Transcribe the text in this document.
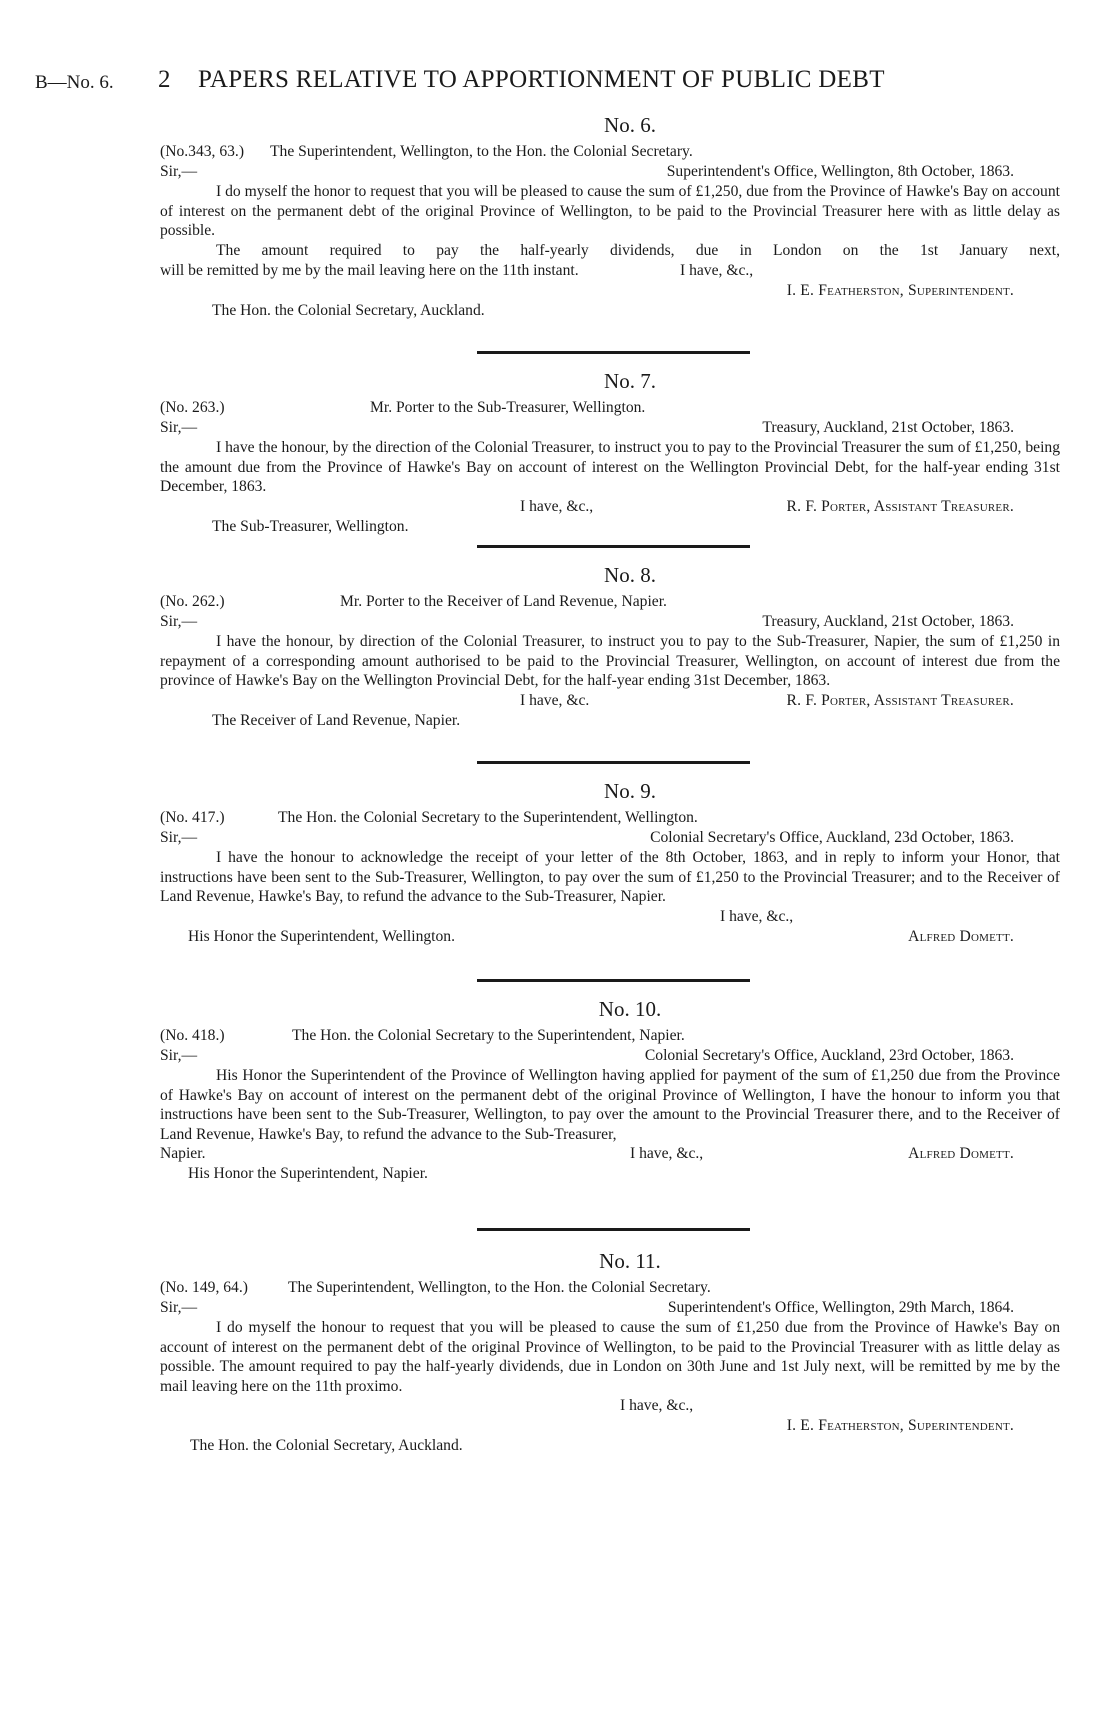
B—No. 6. 2 PAPERS RELATIVE TO APPORTIONMENT OF PUBLIC DEBT
No. 6.
(No.343, 63.) The Superintendent, Wellington, to the Hon. the Colonial Secretary.
Sir,—	Superintendent's Office, Wellington, 8th October, 1863.

I do myself the honor to request that you will be pleased to cause the sum of £1,250, due from the Province of Hawke's Bay on account of interest on the permanent debt of the original Province of Wellington, to be paid to the Provincial Treasurer here with as little delay as possible.

The amount required to pay the half-yearly dividends, due in London on the 1st January next,
will be remitted by me by the mail leaving here on the 11th instant.	I have, &c.,
I. E. Featherston, Superintendent.
The Hon. the Colonial Secretary, Auckland.
No. 7.
(No. 263.)	Mr. Porter to the Sub-Treasurer, Wellington.
Sir,—	Treasury, Auckland, 21st October, 1863.

I have the honour, by the direction of the Colonial Treasurer, to instruct you to pay to the Provincial Treasurer the sum of £1,250, being the amount due from the Province of Hawke's Bay on account of interest on the Wellington Provincial Debt, for the half-year ending 31st December, 1863.

I have, &c.,	R. F. Porter, Assistant Treasurer.
The Sub-Treasurer, Wellington.
No. 8.
(No. 262.)	Mr. Porter to the Receiver of Land Revenue, Napier.
Sir,—	Treasury, Auckland, 21st October, 1863.

I have the honour, by direction of the Colonial Treasurer, to instruct you to pay to the Sub-Treasurer, Napier, the sum of £1,250 in repayment of a corresponding amount authorised to be paid to the Provincial Treasurer, Wellington, on account of interest due from the province of Hawke's Bay on the Wellington Provincial Debt, for the half-year ending 31st December, 1863.

I have, &c.	R. F. Porter, Assistant Treasurer.
The Receiver of Land Revenue, Napier.
No. 9.
(No. 417.)	The Hon. the Colonial Secretary to the Superintendent, Wellington.
Sir,—	Colonial Secretary's Office, Auckland, 23d October, 1863.

I have the honour to acknowledge the receipt of your letter of the 8th October, 1863, and in reply to inform your Honor, that instructions have been sent to the Sub-Treasurer, Wellington, to pay over the sum of £1,250 to the Provincial Treasurer; and to the Receiver of Land Revenue, Hawke's Bay, to refund the advance to the Sub-Treasurer, Napier.

I have, &c.,
His Honor the Superintendent, Wellington.	Alfred Domett.
No. 10.
(No. 418.)	The Hon. the Colonial Secretary to the Superintendent, Napier.
Sir,—	Colonial Secretary's Office, Auckland, 23rd October, 1863.

His Honor the Superintendent of the Province of Wellington having applied for payment of the sum of £1,250 due from the Province of Hawke's Bay on account of interest on the permanent debt of the original Province of Wellington, I have the honour to inform you that instructions have been sent to the Sub-Treasurer, Wellington, to pay over the amount to the Provincial Treasurer there, and to the Receiver of Land Revenue, Hawke's Bay, to refund the advance to the Sub-Treasurer,

Napier.	I have, &c.,	Alfred Domett.
His Honor the Superintendent, Napier.
No. 11.
(No. 149, 64.)	The Superintendent, Wellington, to the Hon. the Colonial Secretary.
Sir,—	Superintendent's Office, Wellington, 29th March, 1864.

I do myself the honour to request that you will be pleased to cause the sum of £1,250 due from the Province of Hawke's Bay on account of interest on the permanent debt of the original Province of Wellington, to be paid to the Provincial Treasurer with as little delay as possible. The amount required to pay the half-yearly dividends, due in London on 30th June and 1st July next, will be remitted by me by the mail leaving here on the 11th proximo.

I have, &c.,
I. E. Featherston, Superintendent.
The Hon. the Colonial Secretary, Auckland.
